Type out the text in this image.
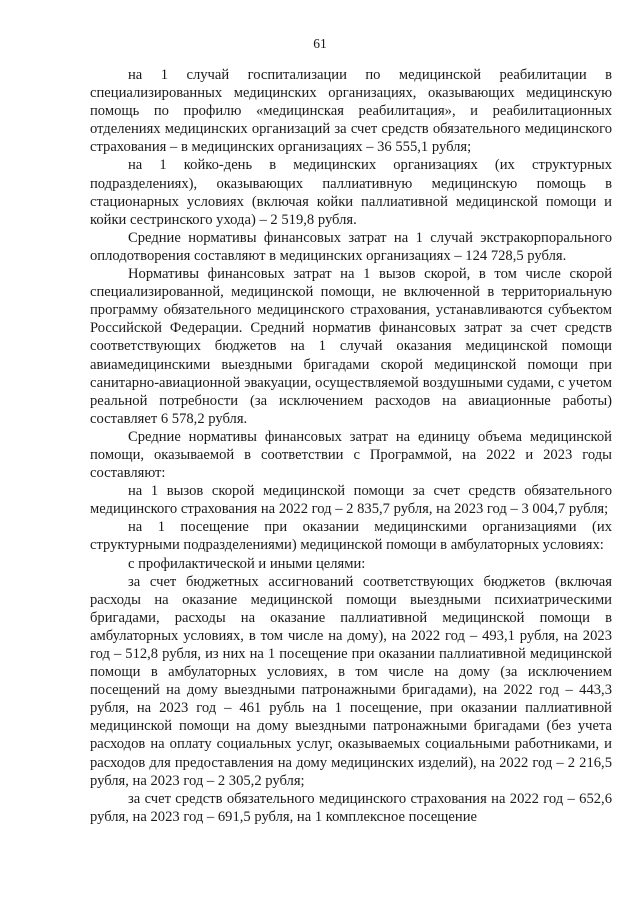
61

на 1 случай госпитализации по медицинской реабилитации в специализированных медицинских организациях, оказывающих медицинскую помощь по профилю «медицинская реабилитация», и реабилитационных отделениях медицинских организаций за счет средств обязательного медицинского страхования – в медицинских организациях – 36 555,1 рубля;

на 1 койко-день в медицинских организациях (их структурных подразделениях), оказывающих паллиативную медицинскую помощь в стационарных условиях (включая койки паллиативной медицинской помощи и койки сестринского ухода) – 2 519,8 рубля.

Средние нормативы финансовых затрат на 1 случай экстракорпорального оплодотворения составляют в медицинских организациях – 124 728,5 рубля.

Нормативы финансовых затрат на 1 вызов скорой, в том числе скорой специализированной, медицинской помощи, не включенной в территориальную программу обязательного медицинского страхования, устанавливаются субъектом Российской Федерации. Средний норматив финансовых затрат за счет средств соответствующих бюджетов на 1 случай оказания медицинской помощи авиамедицинскими выездными бригадами скорой медицинской помощи при санитарно-авиационной эвакуации, осуществляемой воздушными судами, с учетом реальной потребности (за исключением расходов на авиационные работы) составляет 6 578,2 рубля.

Средние нормативы финансовых затрат на единицу объема медицинской помощи, оказываемой в соответствии с Программой, на 2022 и 2023 годы составляют:

на 1 вызов скорой медицинской помощи за счет средств обязательного медицинского страхования на 2022 год – 2 835,7 рубля, на 2023 год – 3 004,7 рубля;

на 1 посещение при оказании медицинскими организациями (их структурными подразделениями) медицинской помощи в амбулаторных условиях:

с профилактической и иными целями:

за счет бюджетных ассигнований соответствующих бюджетов (включая расходы на оказание медицинской помощи выездными психиатрическими бригадами, расходы на оказание паллиативной медицинской помощи в амбулаторных условиях, в том числе на дому), на 2022 год – 493,1 рубля, на 2023 год – 512,8 рубля, из них на 1 посещение при оказании паллиативной медицинской помощи в амбулаторных условиях, в том числе на дому (за исключением посещений на дому выездными патронажными бригадами), на 2022 год – 443,3 рубля, на 2023 год – 461 рубль на 1 посещение, при оказании паллиативной медицинской помощи на дому выездными патронажными бригадами (без учета расходов на оплату социальных услуг, оказываемых социальными работниками, и расходов для предоставления на дому медицинских изделий), на 2022 год – 2 216,5 рубля, на 2023 год – 2 305,2 рубля;

за счет средств обязательного медицинского страхования на 2022 год – 652,6 рубля, на 2023 год – 691,5 рубля, на 1 комплексное посещение
